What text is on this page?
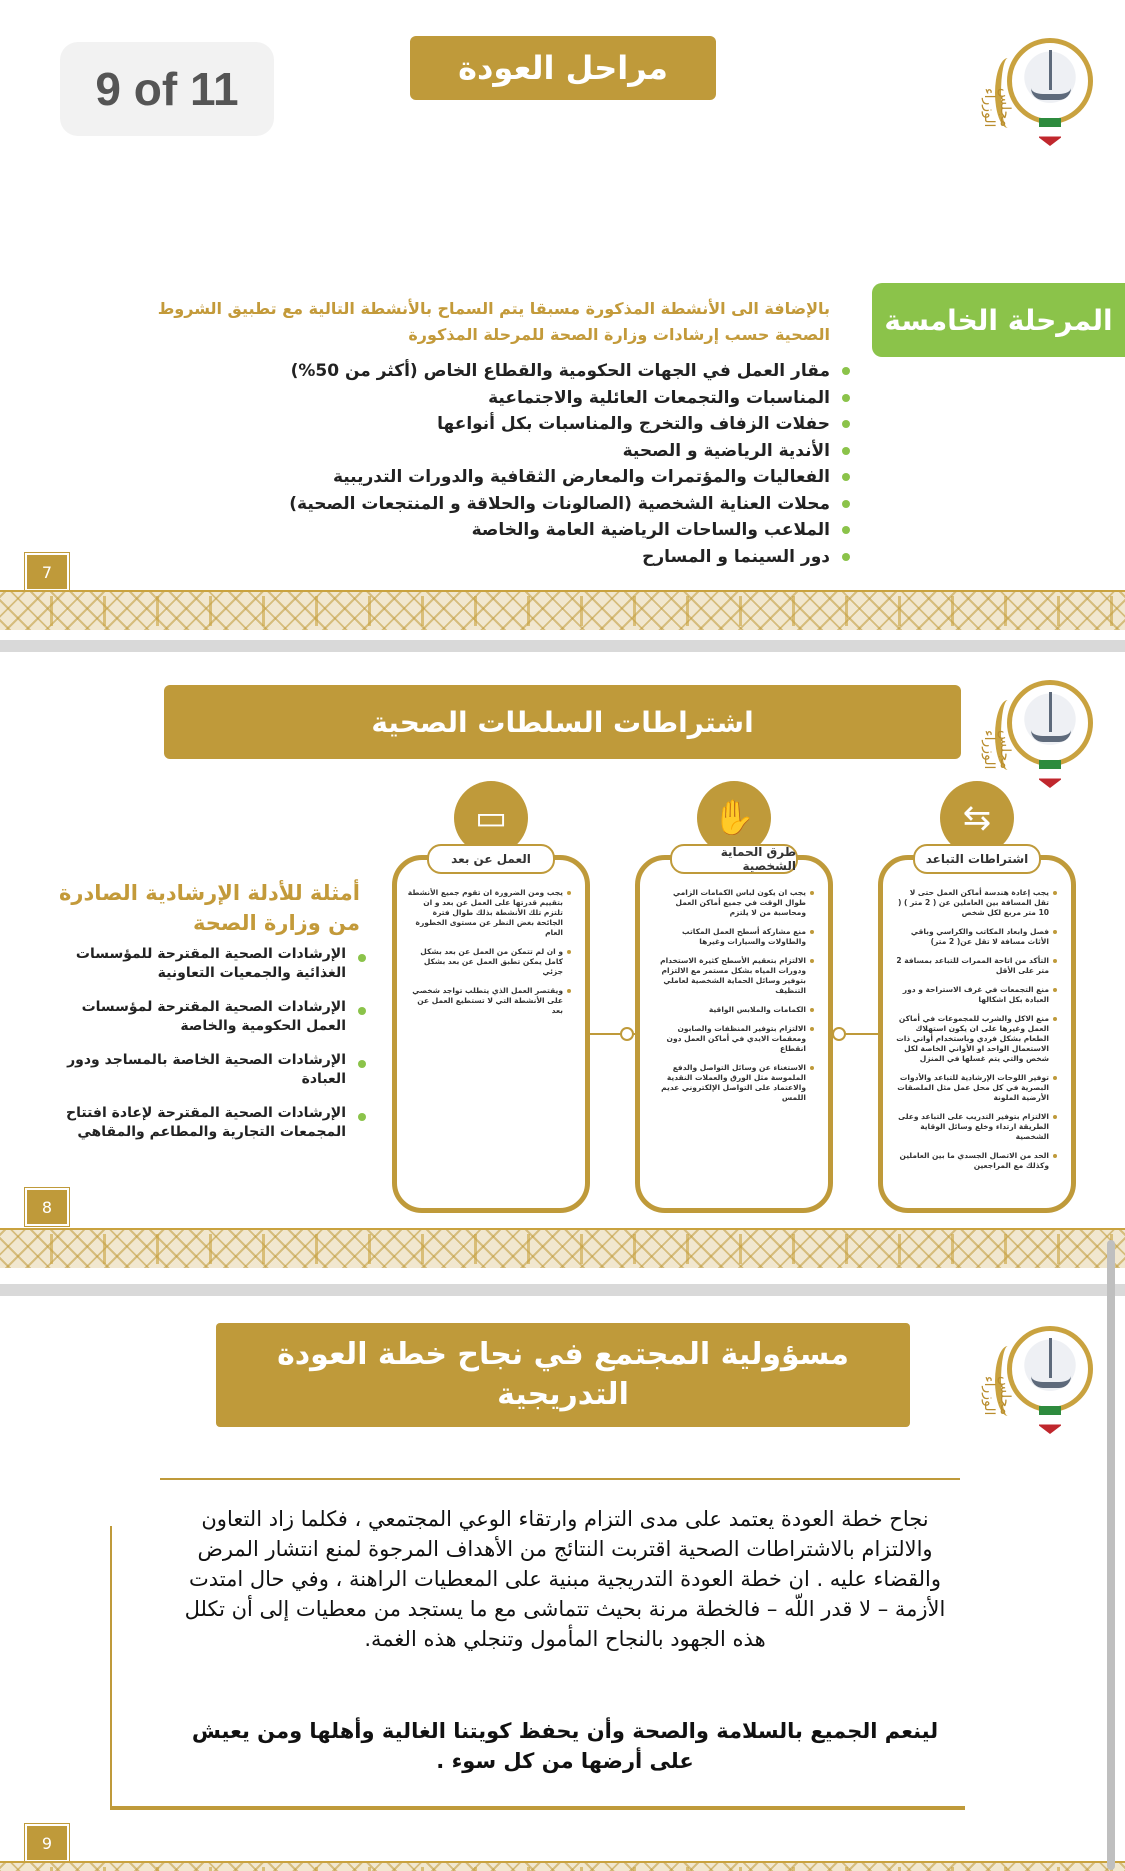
9 of 11	مراحل العودة
مجلس الوزراء
المرحلة الخامسة
بالإضافة الى الأنشطة المذكورة مسبقا يتم السماح بالأنشطة التالية مع تطبيق الشروط الصحية حسب إرشادات وزارة الصحة للمرحلة المذكورة
مقار العمل في الجهات الحكومية والقطاع الخاص (أكثر من 50%)
المناسبات والتجمعات العائلية والاجتماعية
حفلات الزفاف والتخرج والمناسبات بكل أنواعها
الأندية الرياضية و الصحية
الفعاليات والمؤتمرات والمعارض الثقافية والدورات التدريبية
محلات العناية الشخصية (الصالونات والحلاقة و المنتجعات الصحية)
الملاعب والساحات الرياضية العامة والخاصة
دور السينما و المسارح
7
اشتراطات السلطات الصحية
مجلس الوزراء
أمثلة للأدلة الإرشادية الصادرة من وزارة الصحة
الإرشادات الصحية المقترحة للمؤسسات الغذائية والجمعيات التعاونية
الإرشادات الصحية المقترحة لمؤسسات العمل الحكومية والخاصة
الإرشادات الصحية الخاصة بالمساجد ودور العبادة
الإرشادات الصحية المقترحة لإعادة افتتاح المجمعات التجارية والمطاعم والمقاهي
8
⇆
✋
▭
اشتراطات التباعد
يجب إعادة هندسة أماكن العمل حتى لا تقل المسافة بين العاملين عن ( 2 متر ) ( 10 متر مربع لكل شخص
فصل وابعاد المكاتب والكراسي وباقي الأثاث مسافة لا تقل عن( 2 متر)
التأكد من اتاحة الممرات للتباعد بمسافة 2 متر على الأقل
منع التجمعات في غرف الاستراحة و دور العبادة بكل اشكالها
منع الاكل والشرب للمجموعات في أماكن العمل وغيرها على ان يكون استهلاك الطعام بشكل فردي وباستخدام أواني ذات الاستعمال الواحد او الأواني الخاصة لكل شخص والتي يتم غسلها في المنزل
توفير اللوحات الإرشادية للتباعد والأدوات البصرية في كل محل عمل مثل الملصقات الأرضية الملونة
الالتزام بتوفير التدريب على التباعد وعلى الطريقة ارتداء وخلع وسائل الوقاية الشخصية
الحد من الاتصال الجسدي ما بين العاملين وكذلك مع المراجعين
طرق الحماية الشخصية
يجب ان يكون لباس الكمامات الزامي طوال الوقت في جميع أماكن العمل ومحاسبة من لا يلتزم
منع مشاركة أسطح العمل المكاتب والطاولات والسيارات وغيرها
الالتزام بتعقيم الأسطح كثيرة الاستخدام ودورات المياه بشكل مستمر مع الالتزام بتوفير وسائل الحماية الشخصية لعاملي التنظيف
الكمامات والملابس الواقية
الالتزام بتوفير المنظفات والصابون ومعقمات الايدي في أماكن العمل دون انقطاع
الاستغناء عن وسائل التواصل والدفع الملموسة مثل الورق والعملات النقدية والاعتماد على التواصل الإلكتروني عديم اللمس
العمل عن بعد
يجب ومن الضرورة ان تقوم جميع الأنشطة بتقييم قدرتها على العمل عن بعد و ان تلتزم تلك الأنشطة بذلك طوال فترة الجائحة بغض النظر عن مستوى الخطورة العام
و ان لم تتمكن من العمل عن بعد بشكل كامل يمكن تطبق العمل عن بعد بشكل جزئي
ويقتصر العمل الذي يتطلب تواجد شخصي على الأنشطة التي لا تستطيع العمل عن بعد
مسؤولية المجتمع في نجاح خطة العودة التدريجية	مجلس الوزراء
نجاح خطة العودة يعتمد على مدى التزام وارتقاء الوعي المجتمعي ، فكلما زاد التعاون والالتزام بالاشتراطات الصحية اقتربت النتائج من الأهداف المرجوة لمنع انتشار المرض والقضاء عليه . ان خطة العودة التدريجية مبنية على المعطيات الراهنة ، وفي حال امتدت الأزمة – لا قدر اللّه – فالخطة مرنة بحيث تتماشى مع ما يستجد من معطيات إلى أن تكلل هذه الجهود بالنجاح المأمول وتنجلي هذه الغمة.
لينعم الجميع بالسلامة والصحة وأن يحفظ كويتنا الغالية وأهلها ومن يعيش على أرضها من كل سوء .
9
